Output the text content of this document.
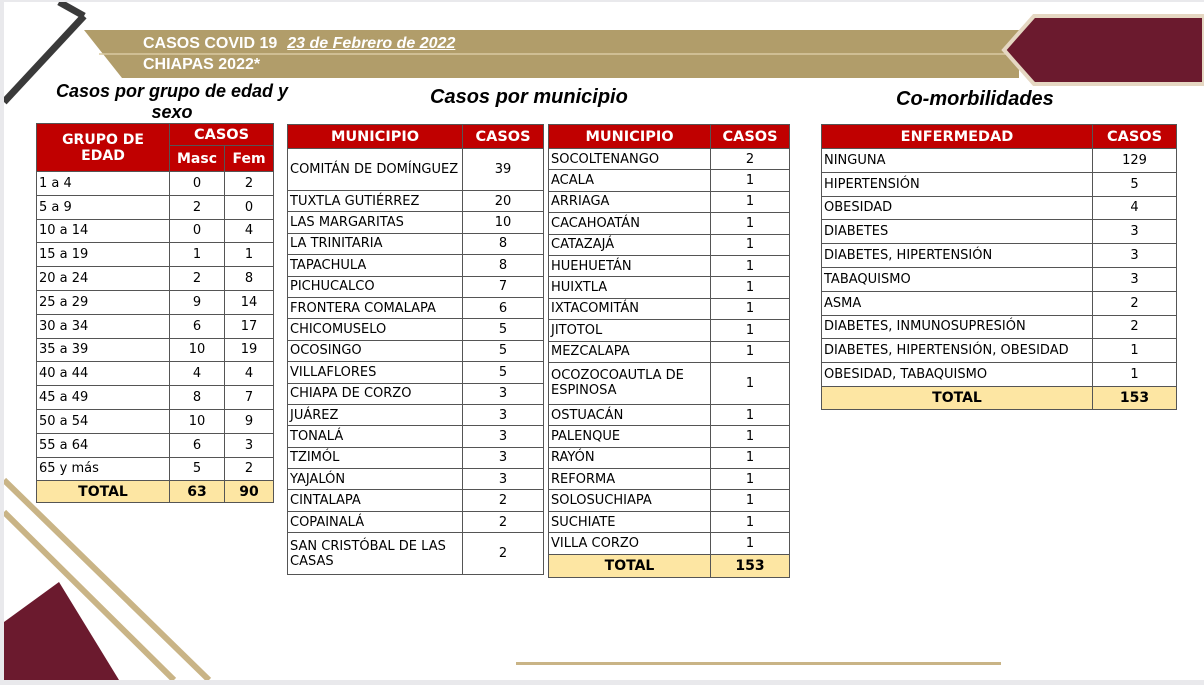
CASOS COVID 19 23 de Febrero de 2022
CHIAPAS 2022*
Casos por grupo de edad y sexo
Casos por municipio	Co-morbilidades
GRUPO DE EDAD	CASOS	
	Masc	Fem
1 a 4	0	2
5 a 9	2	0
10 a 14	0	4
15 a 19	1	1
20 a 24	2	8
25 a 29	9	14
30 a 34	6	17
35 a 39	10	19
40 a 44	4	4
45 a 49	8	7
50 a 54	10	9
55 a 64	6	3
65 y más	5	2
TOTAL	63	90
MUNICIPIO	CASOS
COMITÁN DE DOMÍNGUEZ	39
TUXTLA GUTIÉRREZ	20
LAS MARGARITAS	10
LA TRINITARIA	8
TAPACHULA	8
PICHUCALCO	7
FRONTERA COMALAPA	6
CHICOMUSELO	5
OCOSINGO	5
VILLAFLORES	5
CHIAPA DE CORZO	3
JUÁREZ	3
TONALÁ	3
TZIMÓL	3
YAJALÓN	3
CINTALAPA	2
COPAINALÁ	2
SAN CRISTÓBAL DE LAS CASAS	2
MUNICIPIO	CASOS
SOCOLTENANGO	2
ACALA	1
ARRIAGA	1
CACAHOATÁN	1
CATAZAJÁ	1
HUEHUETÁN	1
HUIXTLA	1
IXTACOMITÁN	1
JITOTOL	1
MEZCALAPA	1
OCOZOCOAUTLA DE ESPINOSA	1
OSTUACÁN	1
PALENQUE	1
RAYÓN	1
REFORMA	1
SOLOSUCHIAPA	1
SUCHIATE	1
VILLA CORZO	1
TOTAL	153
ENFERMEDAD	CASOS
NINGUNA	129
HIPERTENSIÓN	5
OBESIDAD	4
DIABETES	3
DIABETES, HIPERTENSIÓN	3
TABAQUISMO	3
ASMA	2
DIABETES, INMUNOSUPRESIÓN	2
DIABETES, HIPERTENSIÓN, OBESIDAD	1
OBESIDAD, TABAQUISMO	1
TOTAL	153
